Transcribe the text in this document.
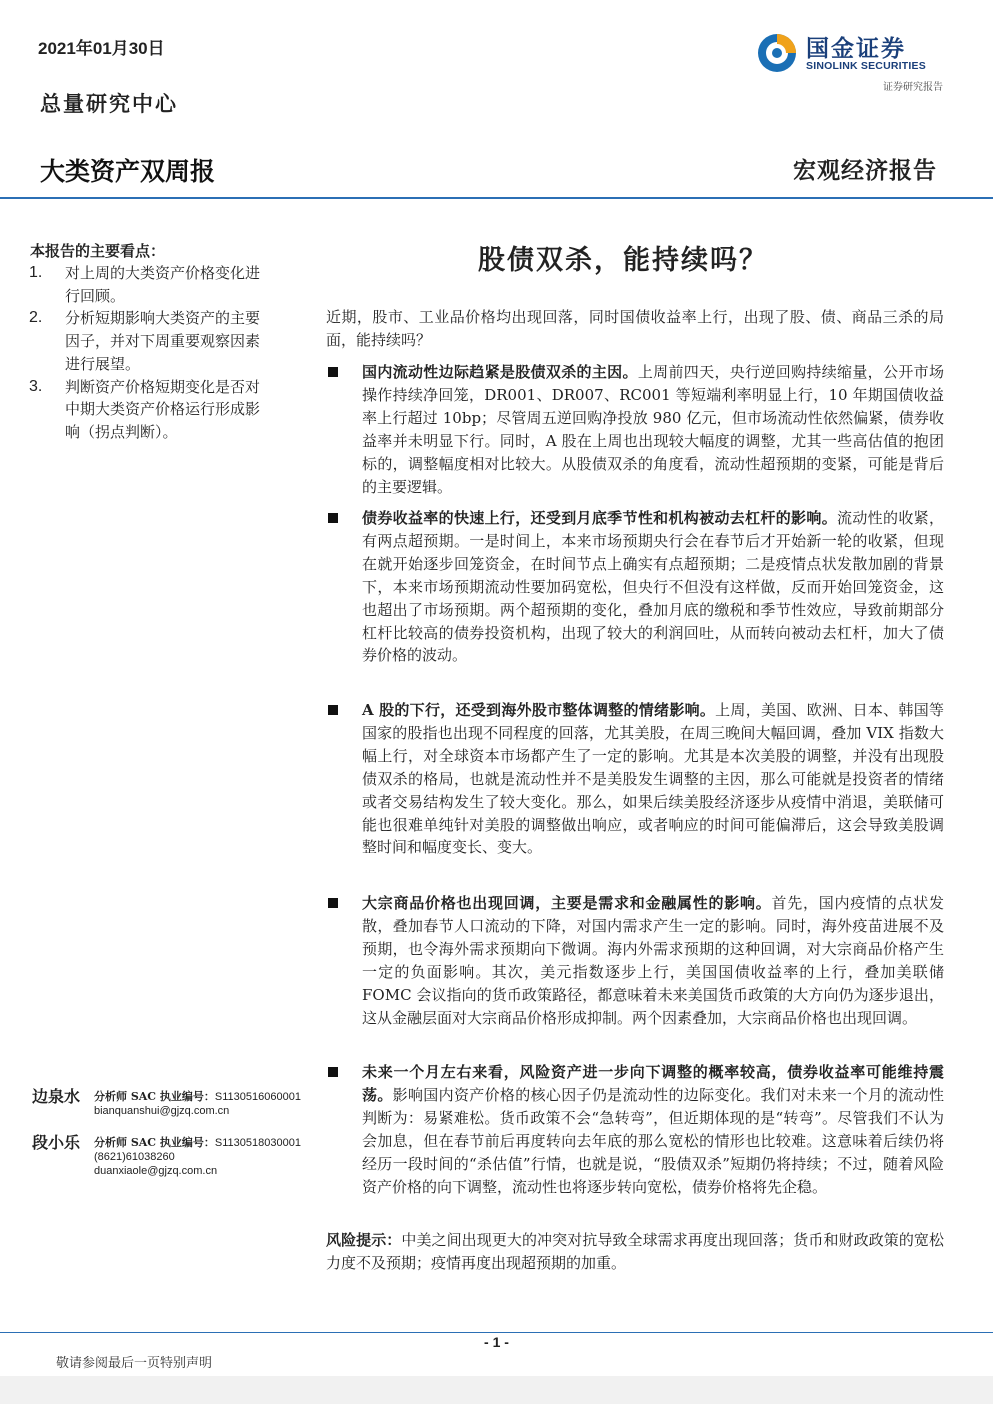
2021年01月30日
总量研究中心
大类资产双周报	宏观经济报告
国金证券
SINOLINK SECURITIES
证券研究报告
本报告的主要看点：
1. 对上周的大类资产价格变化进行回顾。
2. 分析短期影响大类资产的主要因子，并对下周重要观察因素进行展望。
3. 判断资产价格短期变化是否对中期大类资产价格运行形成影响（拐点判断）。
边泉水 分析师 SAC 执业编号：S1130516060001
bianquanshui@gjzq.com.cn
段小乐 分析师 SAC 执业编号：S1130518030001
(8621)61038260
duanxiaole@gjzq.com.cn
股债双杀，能持续吗？

近期，股市、工业品价格均出现回落，同时国债收益率上行，出现了股、债、商品三杀的局面，能持续吗？

国内流动性边际趋紧是股债双杀的主因。上周前四天，央行逆回购持续缩量，公开市场操作持续净回笼，DR001、DR007、RC001 等短端利率明显上行，10 年期国债收益率上行超过 10bp；尽管周五逆回购净投放 980 亿元，但市场流动性依然偏紧，债券收益率并未明显下行。同时，A 股在上周也出现较大幅度的调整，尤其一些高估值的抱团标的，调整幅度相对比较大。从股债双杀的角度看，流动性超预期的变紧，可能是背后的主要逻辑。
债券收益率的快速上行，还受到月底季节性和机构被动去杠杆的影响。流动性的收紧，有两点超预期。一是时间上，本来市场预期央行会在春节后才开始新一轮的收紧，但现在就开始逐步回笼资金，在时间节点上确实有点超预期；二是疫情点状发散加剧的背景下，本来市场预期流动性要加码宽松，但央行不但没有这样做，反而开始回笼资金，这也超出了市场预期。两个超预期的变化，叠加月底的缴税和季节性效应，导致前期部分杠杆比较高的债券投资机构，出现了较大的利润回吐，从而转向被动去杠杆，加大了债券价格的波动。
A 股的下行，还受到海外股市整体调整的情绪影响。上周，美国、欧洲、日本、韩国等国家的股指也出现不同程度的回落，尤其美股，在周三晚间大幅回调，叠加 VIX 指数大幅上行，对全球资本市场都产生了一定的影响。尤其是本次美股的调整，并没有出现股债双杀的格局，也就是流动性并不是美股发生调整的主因，那么可能就是投资者的情绪或者交易结构发生了较大变化。那么，如果后续美股经济逐步从疫情中消退，美联储可能也很难单纯针对美股的调整做出响应，或者响应的时间可能偏滞后，这会导致美股调整时间和幅度变长、变大。
大宗商品价格也出现回调，主要是需求和金融属性的影响。首先，国内疫情的点状发散，叠加春节人口流动的下降，对国内需求产生一定的影响。同时，海外疫苗进展不及预期，也令海外需求预期向下微调。海内外需求预期的这种回调，对大宗商品价格产生一定的负面影响。其次，美元指数逐步上行，美国国债收益率的上行，叠加美联储 FOMC 会议指向的货币政策路径，都意味着未来美国货币政策的大方向仍为逐步退出，这从金融层面对大宗商品价格形成抑制。两个因素叠加，大宗商品价格也出现回调。
未来一个月左右来看，风险资产进一步向下调整的概率较高，债券收益率可能维持震荡。影响国内资产价格的核心因子仍是流动性的边际变化。我们对未来一个月的流动性判断为：易紧难松。货币政策不会“急转弯”，但近期体现的是“转弯”。尽管我们不认为会加息，但在春节前后再度转向去年底的那么宽松的情形也比较难。这意味着后续仍将经历一段时间的“杀估值”行情，也就是说，“股债双杀”短期仍将持续；不过，随着风险资产价格的向下调整，流动性也将逐步转向宽松，债券价格将先企稳。

风险提示：中美之间出现更大的冲突对抗导致全球需求再度出现回落；货币和财政政策的宽松力度不及预期；疫情再度出现超预期的加重。

- 1 -
敬请参阅最后一页特别声明
